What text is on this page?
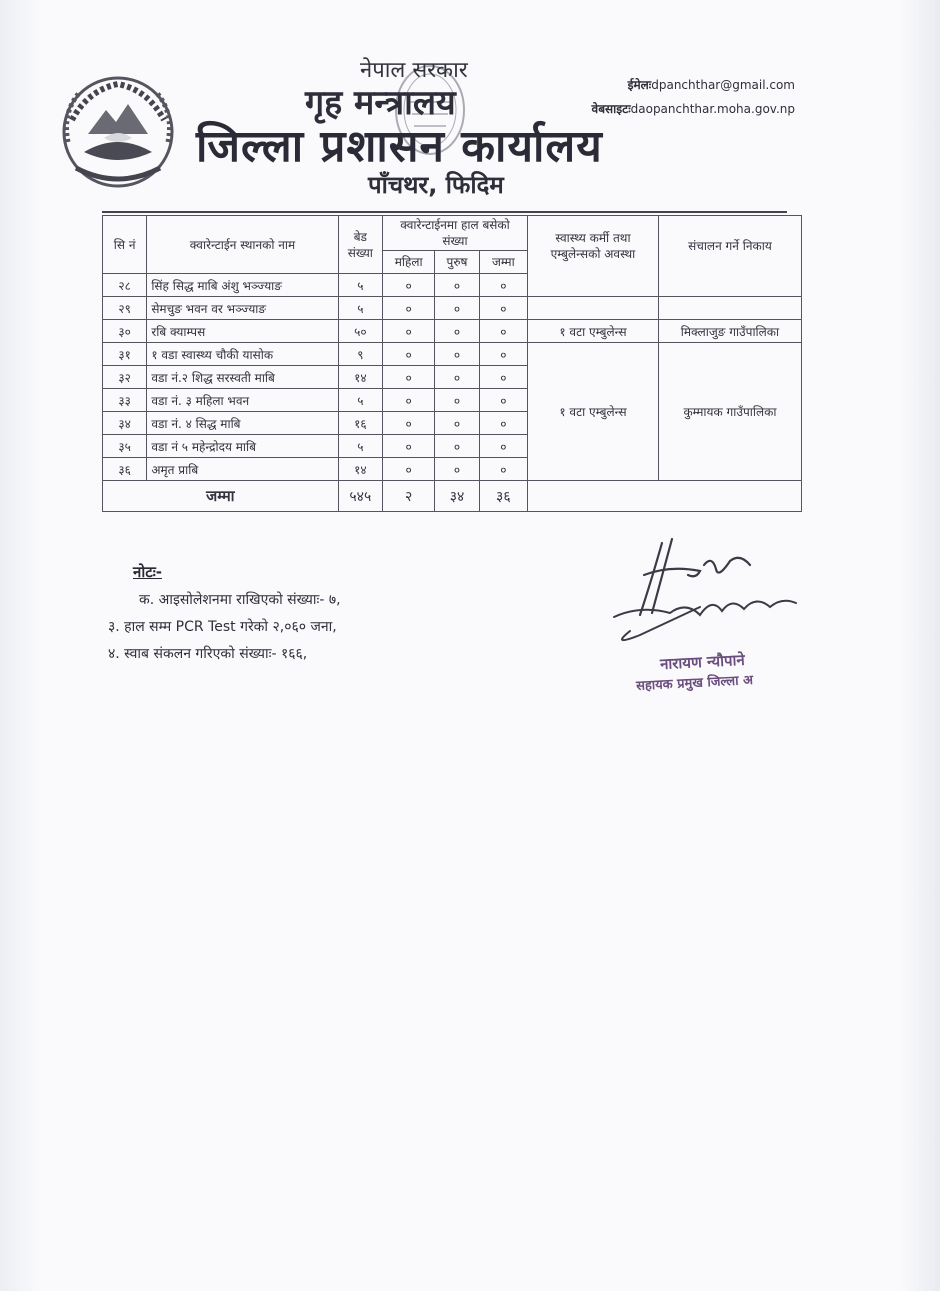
नेपाल सरकार
गृह मन्त्रालय
जिल्ला प्रशासन कार्यालय
पाँचथर, फिदिम
ईमेलःdpanchthar@gmail.com
वेबसाइटःdaopanchthar.moha.gov.np
सि नं	क्वारेन्टाईन स्थानको नाम	बेड संख्या	क्वारेन्टाईनमा हाल बसेको संख्या			स्वास्थ्य कर्मी तथा एम्बुलेन्सको अवस्था	संचालन गर्ने निकाय
			महिला	पुरुष	जम्मा		
२८	सिंह सिद्ध माबि अंशु भञ्ज्याङ	५	०	०	०		
२९	सेमचुङ भवन वर भञ्ज्याङ	५	०	०	०		
३०	रबि क्याम्पस	५०	०	०	०	१ वटा एम्बुलेन्स	मिक्लाजुङ गाउँपालिका
३१	१ वडा स्वास्थ्य चौकी यासोक	९	०	०	०	१ वटा एम्बुलेन्स	कुम्मायक गाउँपालिका
३२	वडा नं.२ शिद्ध सरस्वती माबि	१४	०	०	०		
३३	वडा नं. ३ महिला भवन	५	०	०	०		
३४	वडा नं. ४ सिद्ध माबि	१६	०	०	०		
३५	वडा नं ५ महेन्द्रोदय माबि	५	०	०	०		
३६	अमृत प्राबि	१४	०	०	०		
जम्मा		५४५	२	३४	३६		
नोटः-
क. आइसोलेशनमा राखिएको संख्याः- ७,
३. हाल सम्म PCR Test गरेको २,०६० जना,
४. स्वाब संकलन गरिएको संख्याः- १६६,	नारायण न्यौपाने
सहायक प्रमुख जिल्ला अ
